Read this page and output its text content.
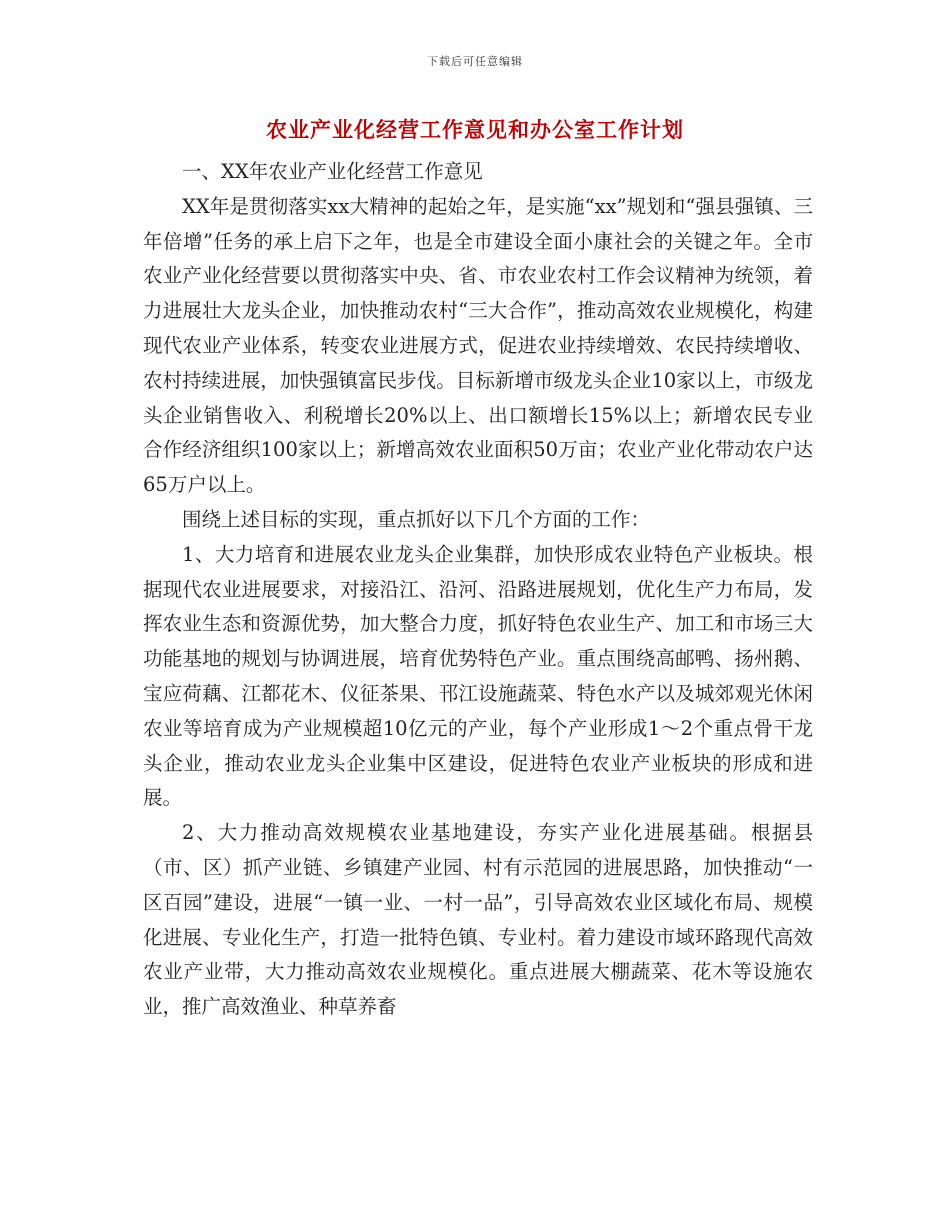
下载后可任意编辑
农业产业化经营工作意见和办公室工作计划

一、XX年农业产业化经营工作意见

XX年是贯彻落实xx大精神的起始之年，是实施“xx”规划和“强县强镇、三年倍增”任务的承上启下之年，也是全市建设全面小康社会的关键之年。全市农业产业化经营要以贯彻落实中央、省、市农业农村工作会议精神为统领，着力进展壮大龙头企业，加快推动农村“三大合作”，推动高效农业规模化，构建现代农业产业体系，转变农业进展方式，促进农业持续增效、农民持续增收、农村持续进展，加快强镇富民步伐。目标新增市级龙头企业10家以上，市级龙头企业销售收入、利税增长20%以上、出口额增长15%以上；新增农民专业合作经济组织100家以上；新增高效农业面积50万亩；农业产业化带动农户达65万户以上。

围绕上述目标的实现，重点抓好以下几个方面的工作：

1、大力培育和进展农业龙头企业集群，加快形成农业特色产业板块。根据现代农业进展要求，对接沿江、沿河、沿路进展规划，优化生产力布局，发挥农业生态和资源优势，加大整合力度，抓好特色农业生产、加工和市场三大功能基地的规划与协调进展，培育优势特色产业。重点围绕高邮鸭、扬州鹅、宝应荷藕、江都花木、仪征茶果、邗江设施蔬菜、特色水产以及城郊观光休闲农业等培育成为产业规模超10亿元的产业，每个产业形成1～2个重点骨干龙头企业，推动农业龙头企业集中区建设，促进特色农业产业板块的形成和进展。

2、大力推动高效规模农业基地建设，夯实产业化进展基础。根据县（市、区）抓产业链、乡镇建产业园、村有示范园的进展思路，加快推动“一区百园”建设，进展“一镇一业、一村一品”，引导高效农业区域化布局、规模化进展、专业化生产，打造一批特色镇、专业村。着力建设市域环路现代高效农业产业带，大力推动高效农业规模化。重点进展大棚蔬菜、花木等设施农业，推广高效渔业、种草养畜
